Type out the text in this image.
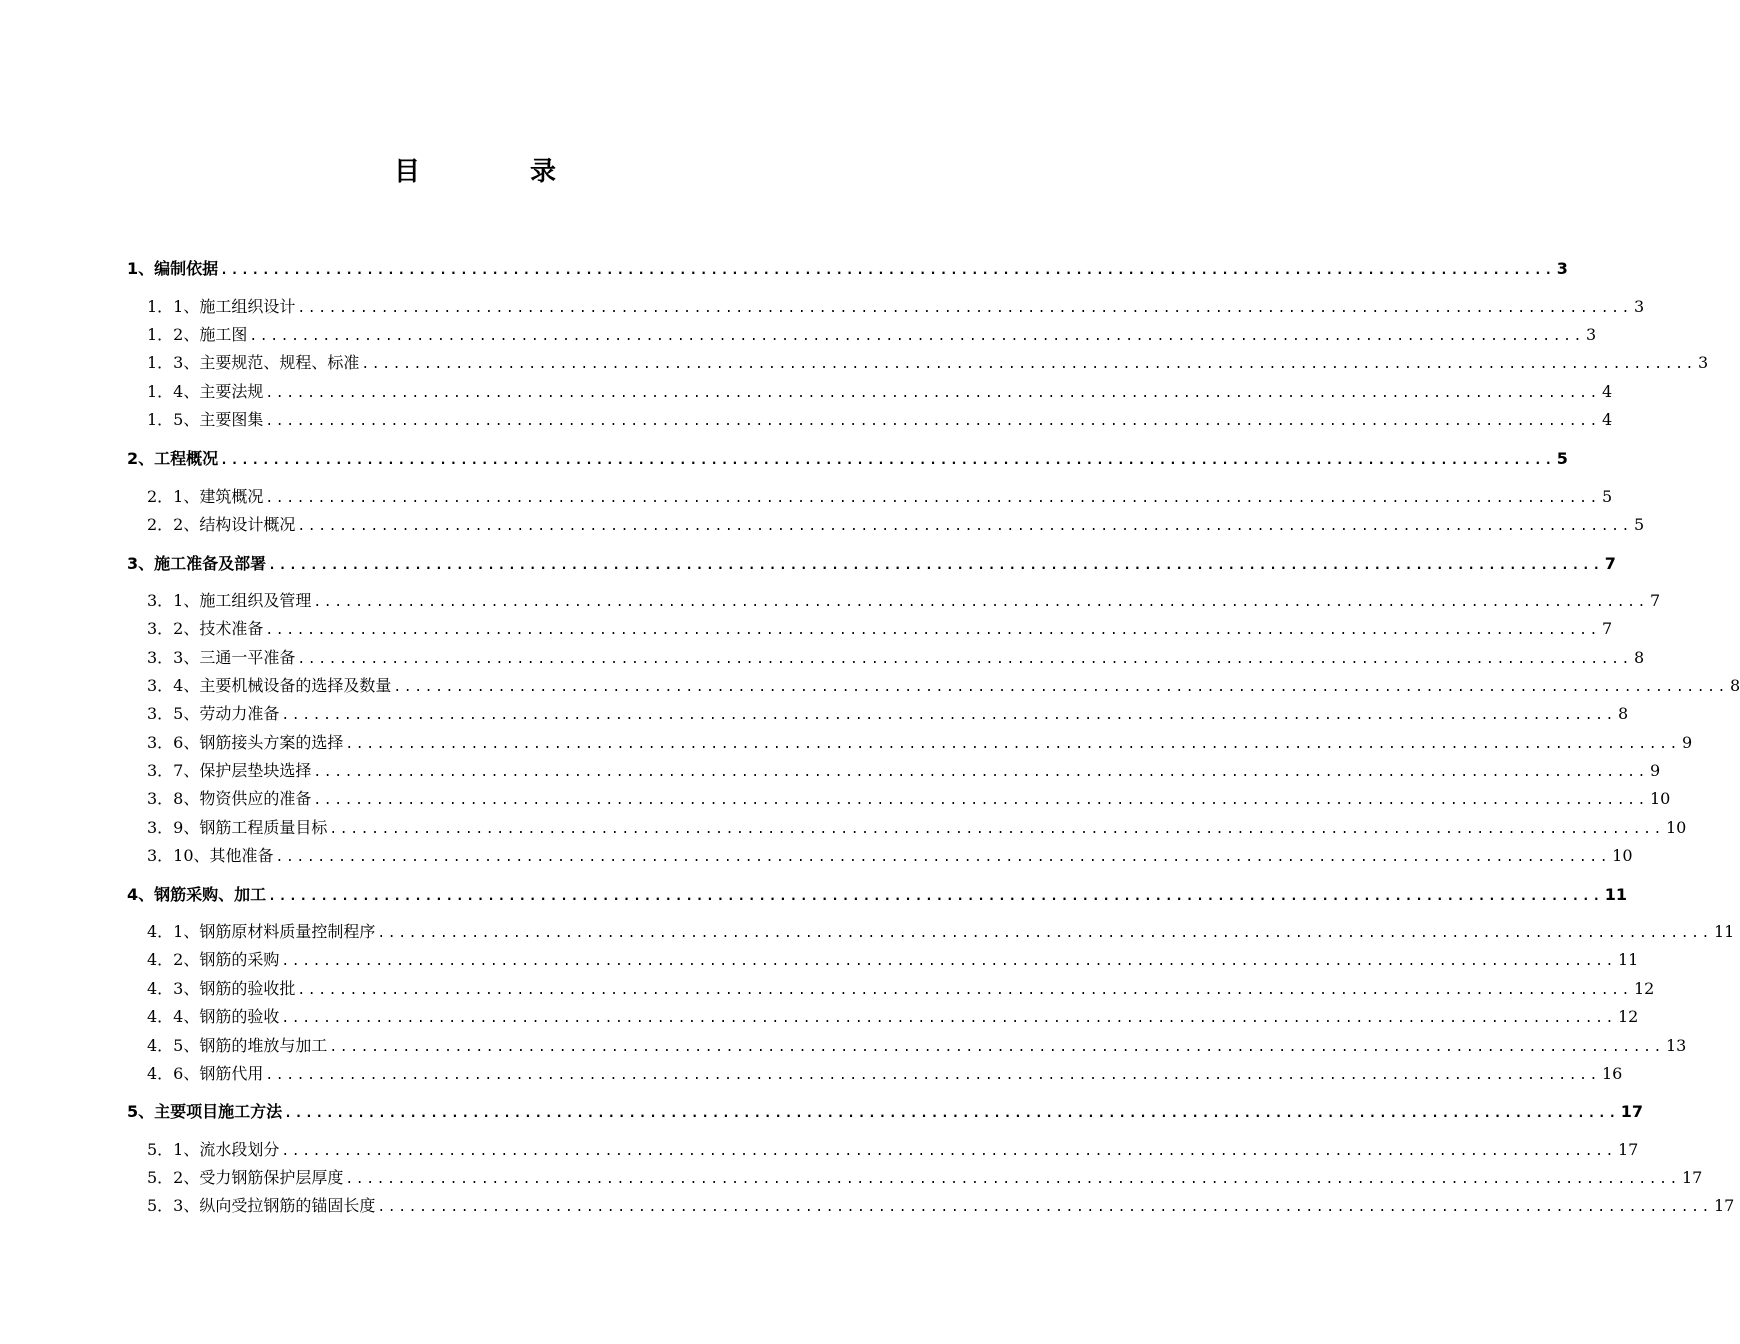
目	录
1、编制依据 ................................................................................................................................ 3
1．1、施工组织设计 ................................................................................................................................ 3
1．2、施工图 ................................................................................................................................ 3
1．3、主要规范、规程、标准 ................................................................................................................................ 3
1．4、主要法规 ................................................................................................................................ 4
1．5、主要图集 ................................................................................................................................ 4
2、工程概况 ................................................................................................................................ 5
2．1、建筑概况 ................................................................................................................................ 5
2．2、结构设计概况 ................................................................................................................................ 5
3、施工准备及部署 ................................................................................................................................ 7
3．1、施工组织及管理 ................................................................................................................................ 7
3．2、技术准备 ................................................................................................................................ 7
3．3、三通一平准备 ................................................................................................................................ 8
3．4、主要机械设备的选择及数量 ................................................................................................................................ 8
3．5、劳动力准备 ................................................................................................................................ 8
3．6、钢筋接头方案的选择 ................................................................................................................................ 9
3．7、保护层垫块选择 ................................................................................................................................ 9
3．8、物资供应的准备 ................................................................................................................................ 10
3．9、钢筋工程质量目标 ................................................................................................................................ 10
3．10、其他准备 ................................................................................................................................ 10
4、钢筋采购、加工 ................................................................................................................................ 11
4．1、钢筋原材料质量控制程序 ................................................................................................................................ 11
4．2、钢筋的采购 ................................................................................................................................ 11
4．3、钢筋的验收批 ................................................................................................................................ 12
4．4、钢筋的验收 ................................................................................................................................ 12
4．5、钢筋的堆放与加工 ................................................................................................................................ 13
4．6、钢筋代用 ................................................................................................................................ 16
5、主要项目施工方法 ................................................................................................................................ 17
5．1、流水段划分 ................................................................................................................................ 17
5．2、受力钢筋保护层厚度 ................................................................................................................................ 17
5．3、纵向受拉钢筋的锚固长度 ................................................................................................................................ 17
